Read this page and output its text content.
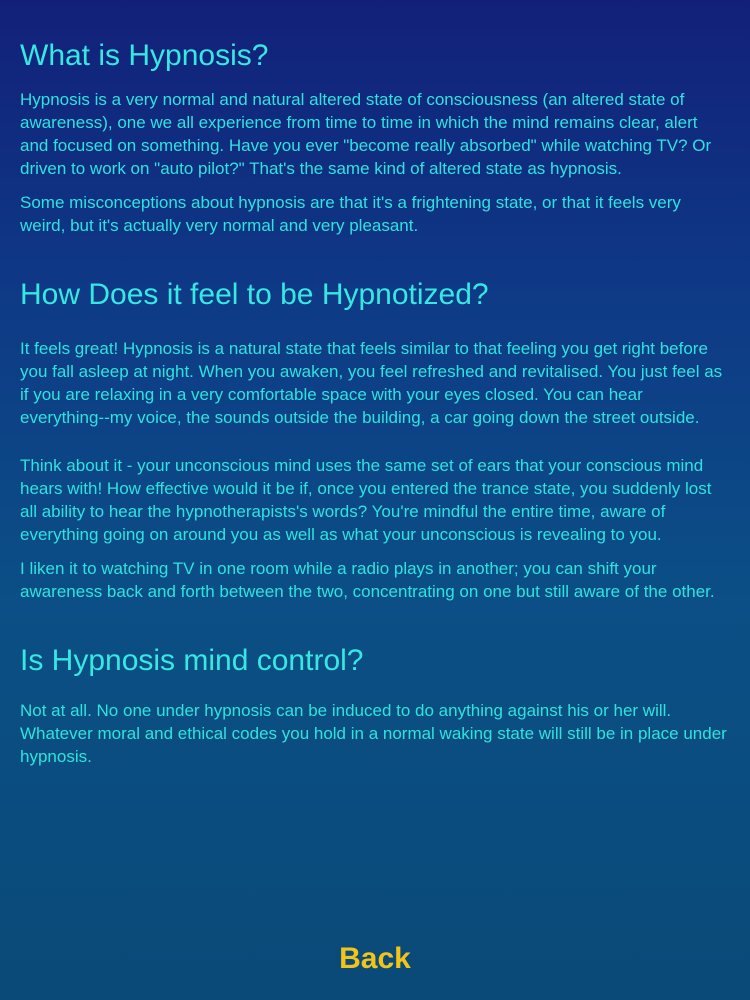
What is Hypnosis?

Hypnosis is a very normal and natural altered state of consciousness (an altered state of awareness), one we all experience from time to time in which the mind remains clear, alert and focused on something. Have you ever "become really absorbed" while watching TV? Or driven to work on "auto pilot?" That's the same kind of altered state as hypnosis.

Some misconceptions about hypnosis are that it's a frightening state, or that it feels very weird, but it's actually very normal and very pleasant.

How Does it feel to be Hypnotized?

It feels great! Hypnosis is a natural state that feels similar to that feeling you get right before you fall asleep at night. When you awaken, you feel refreshed and revitalised. You just feel as if you are relaxing in a very comfortable space with your eyes closed. You can hear everything--my voice, the sounds outside the building, a car going down the street outside.

Think about it - your unconscious mind uses the same set of ears that your conscious mind hears with! How effective would it be if, once you entered the trance state, you suddenly lost all ability to hear the hypnotherapists's words? You're mindful the entire time, aware of everything going on around you as well as what your unconscious is revealing to you.

I liken it to watching TV in one room while a radio plays in another; you can shift your awareness back and forth between the two, concentrating on one but still aware of the other.

Is Hypnosis mind control?

Not at all. No one under hypnosis can be induced to do anything against his or her will. Whatever moral and ethical codes you hold in a normal waking state will still be in place under hypnosis.

Back
